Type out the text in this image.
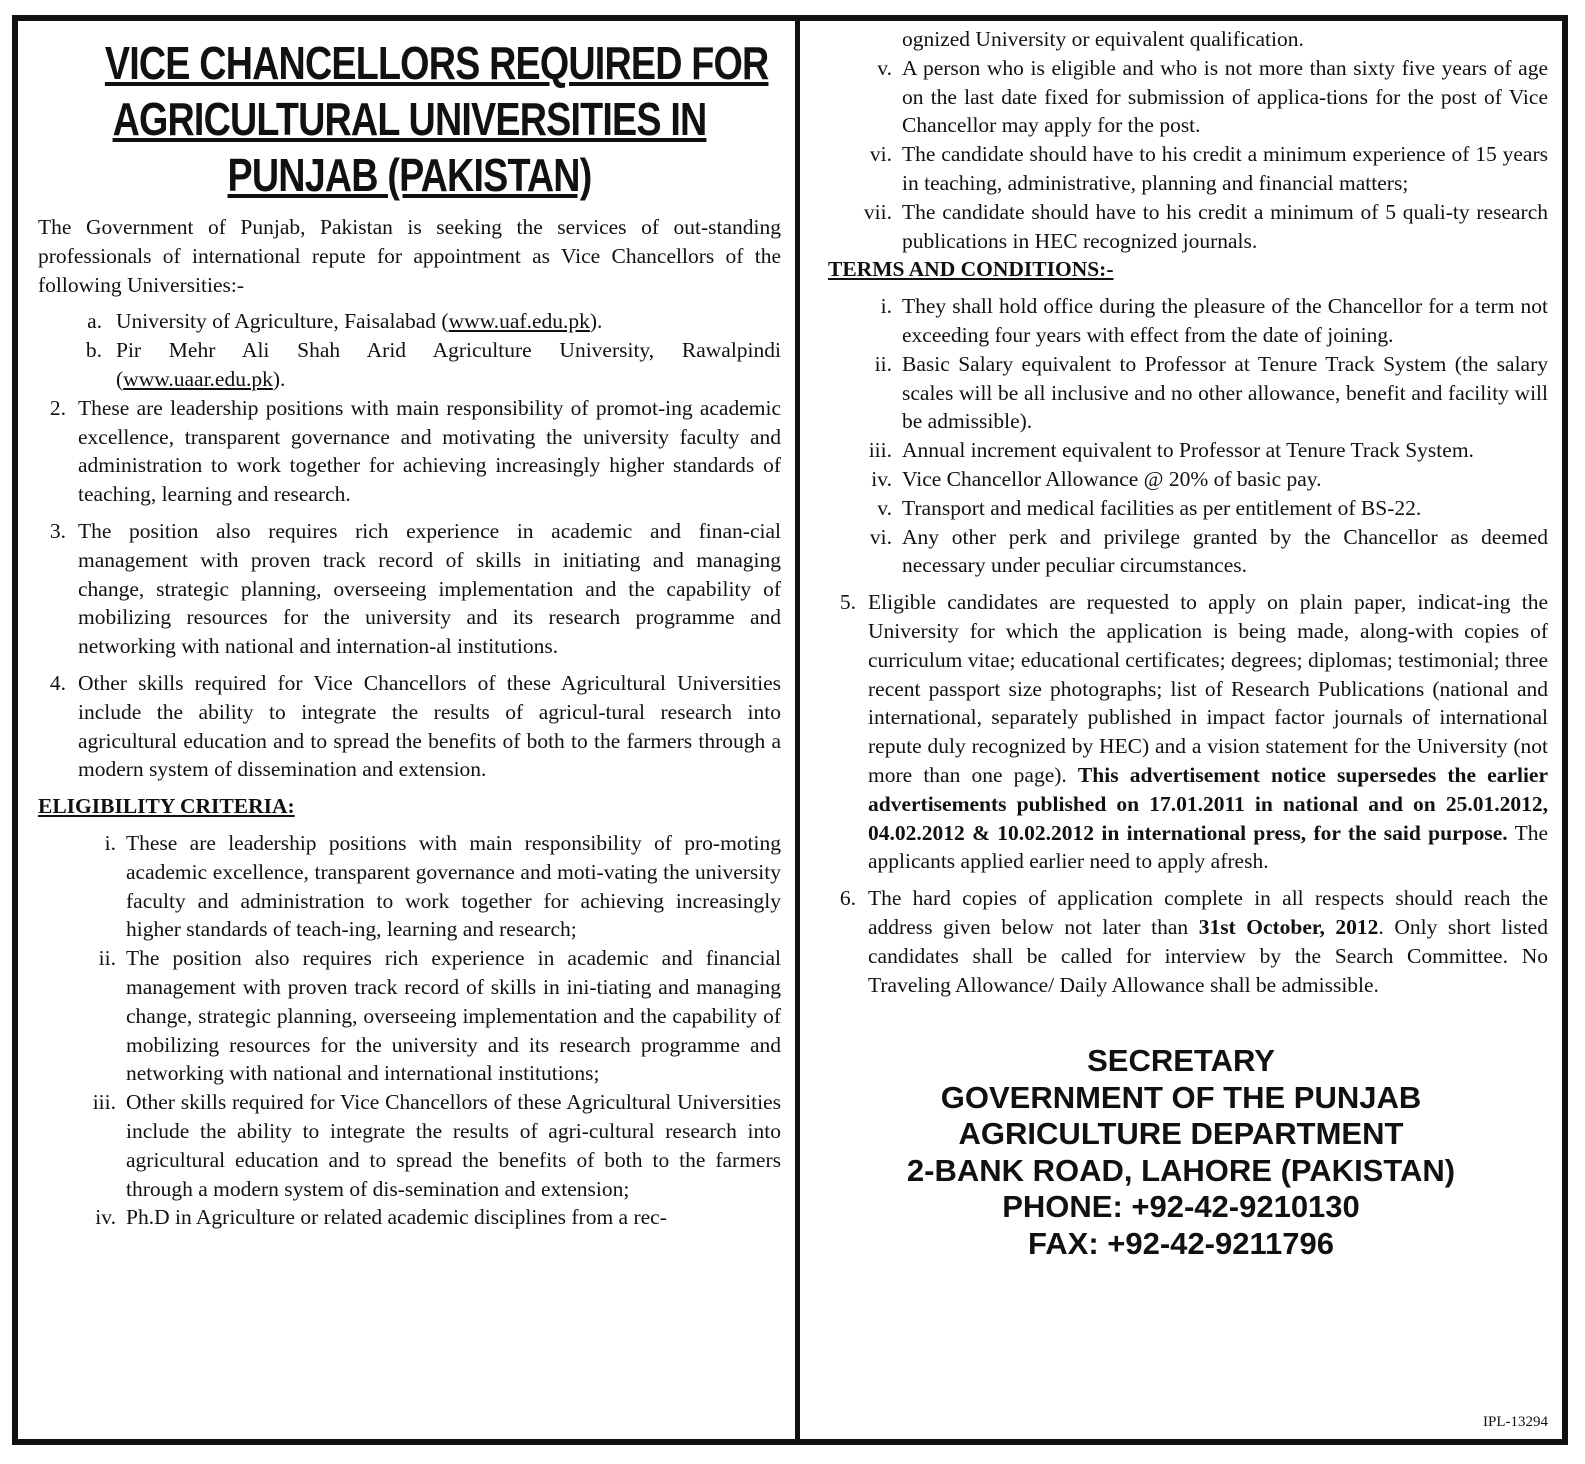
VICE CHANCELLORS REQUIRED FOR
AGRICULTURAL UNIVERSITIES IN
PUNJAB (PAKISTAN)

The Government of Punjab, Pakistan is seeking the services of out-standing professionals of international repute for appointment as Vice Chancellors of the following Universities:-

a. University of Agriculture, Faisalabad (www.uaf.edu.pk).
b. Pir Mehr Ali Shah Arid Agriculture University, Rawalpindi (www.uaar.edu.pk).
2. These are leadership positions with main responsibility of promot-ing academic excellence, transparent governance and motivating the university faculty and administration to work together for achieving increasingly higher standards of teaching, learning and research.
3. The position also requires rich experience in academic and finan-cial management with proven track record of skills in initiating and managing change, strategic planning, overseeing implementation and the capability of mobilizing resources for the university and its research programme and networking with national and internation-al institutions.
4. Other skills required for Vice Chancellors of these Agricultural Universities include the ability to integrate the results of agricul-tural research into agricultural education and to spread the benefits of both to the farmers through a modern system of dissemination and extension.
ELIGIBILITY CRITERIA:
i. These are leadership positions with main responsibility of pro-moting academic excellence, transparent governance and moti-vating the university faculty and administration to work together for achieving increasingly higher standards of teach-ing, learning and research;
ii. The position also requires rich experience in academic and financial management with proven track record of skills in ini-tiating and managing change, strategic planning, overseeing implementation and the capability of mobilizing resources for the university and its research programme and networking with national and international institutions;
iii. Other skills required for Vice Chancellors of these Agricultural Universities include the ability to integrate the results of agri-cultural research into agricultural education and to spread the benefits of both to the farmers through a modern system of dis-semination and extension;
iv. Ph.D in Agriculture or related academic disciplines from a rec-
ognized University or equivalent qualification.
v. A person who is eligible and who is not more than sixty five years of age on the last date fixed for submission of applica-tions for the post of Vice Chancellor may apply for the post.
vi. The candidate should have to his credit a minimum experience of 15 years in teaching, administrative, planning and financial matters;
vii. The candidate should have to his credit a minimum of 5 quali-ty research publications in HEC recognized journals.
TERMS AND CONDITIONS:-
i. They shall hold office during the pleasure of the Chancellor for a term not exceeding four years with effect from the date of joining.
ii. Basic Salary equivalent to Professor at Tenure Track System (the salary scales will be all inclusive and no other allowance, benefit and facility will be admissible).
iii. Annual increment equivalent to Professor at Tenure Track System.
iv. Vice Chancellor Allowance @ 20% of basic pay.
v. Transport and medical facilities as per entitlement of BS-22.
vi. Any other perk and privilege granted by the Chancellor as deemed necessary under peculiar circumstances.
5. Eligible candidates are requested to apply on plain paper, indicat-ing the University for which the application is being made, along-with copies of curriculum vitae; educational certificates; degrees; diplomas; testimonial; three recent passport size photographs; list of Research Publications (national and international, separately published in impact factor journals of international repute duly recognized by HEC) and a vision statement for the University (not more than one page). This advertisement notice supersedes the earlier advertisements published on 17.01.2011 in national and on 25.01.2012, 04.02.2012 & 10.02.2012 in international press, for the said purpose. The applicants applied earlier need to apply afresh.
6. The hard copies of application complete in all respects should reach the address given below not later than 31st October, 2012. Only short listed candidates shall be called for interview by the Search Committee. No Traveling Allowance/ Daily Allowance shall be admissible.
SECRETARY
GOVERNMENT OF THE PUNJAB
AGRICULTURE DEPARTMENT
2-BANK ROAD, LAHORE (PAKISTAN)
PHONE: +92-42-9210130
FAX: +92-42-9211796
IPL-13294
